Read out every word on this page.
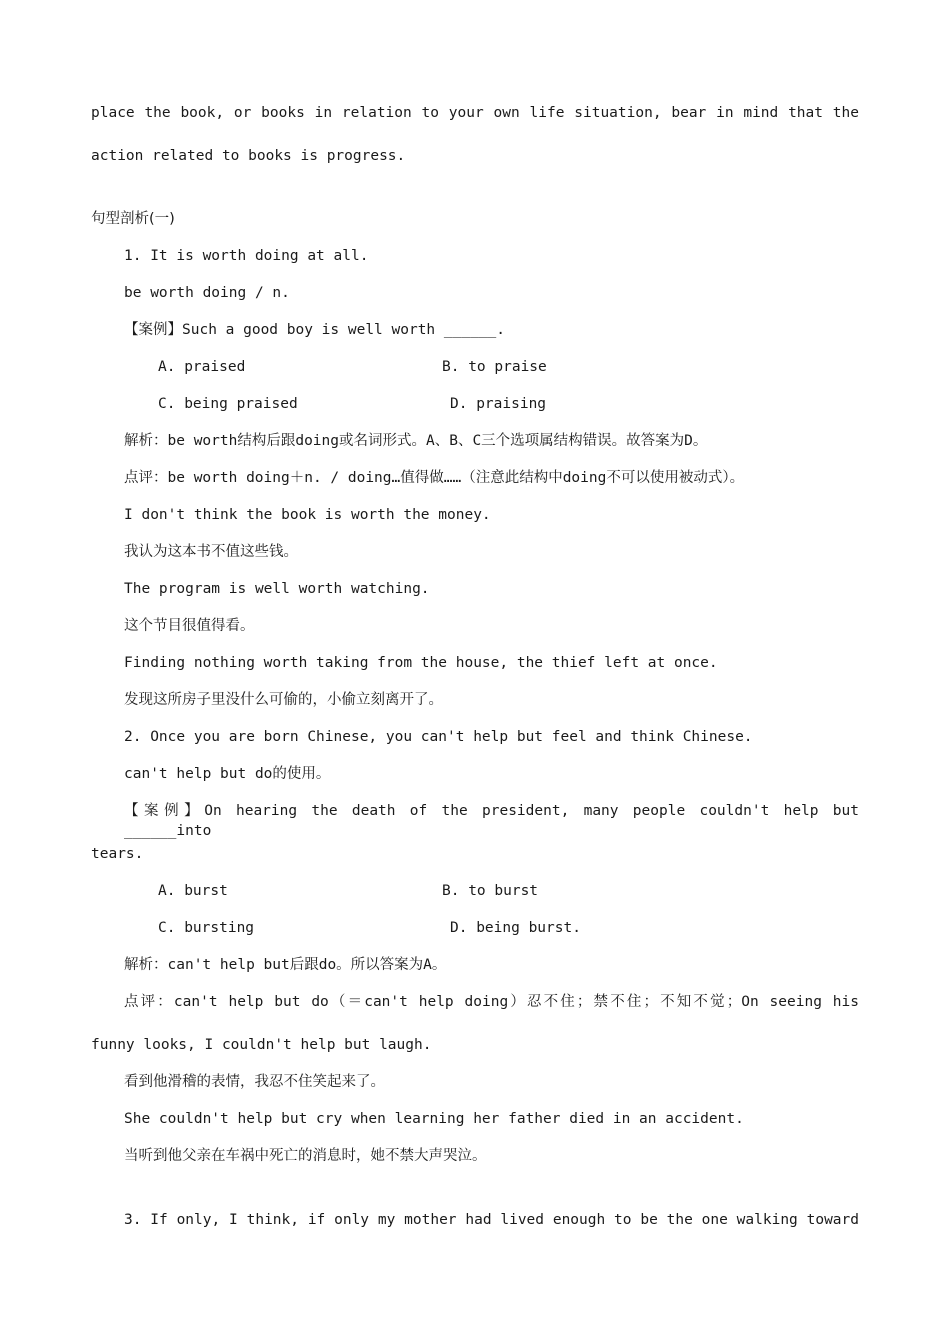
place the book, or books in relation to your own life situation, bear in mind that the
action related to books is progress.
句型剖析(一)
1. It is worth doing at all.
be worth doing / n.
【案例】Such a good boy is well worth ______.
A. praised	B. to praise
C. being praised	D. praising
解析：be worth结构后跟doing或名词形式。A、B、C三个选项属结构错误。故答案为D。
点评：be worth doing＋n. / doing…值得做……（注意此结构中doing不可以使用被动式）。
I don't think the book is worth the money.
我认为这本书不值这些钱。
The program is well worth watching.
这个节目很值得看。
Finding nothing worth taking from the house, the thief left at once.
发现这所房子里没什么可偷的，小偷立刻离开了。
2. Once you are born Chinese, you can't help but feel and think Chinese.
can't help but do的使用。
【案例】On hearing the death of the president, many people couldn't help but ______into
tears.
A. burst	B. to burst
C. bursting	D. being burst.
解析：can't help but后跟do。所以答案为A。
点评：can't help but do（＝can't help doing）忍不住；禁不住；不知不觉；On seeing his
funny looks, I couldn't help but laugh.
看到他滑稽的表情，我忍不住笑起来了。
She couldn't help but cry when learning her father died in an accident.
当听到他父亲在车祸中死亡的消息时，她不禁大声哭泣。
3. If only, I think, if only my mother had lived enough to be the one walking toward
